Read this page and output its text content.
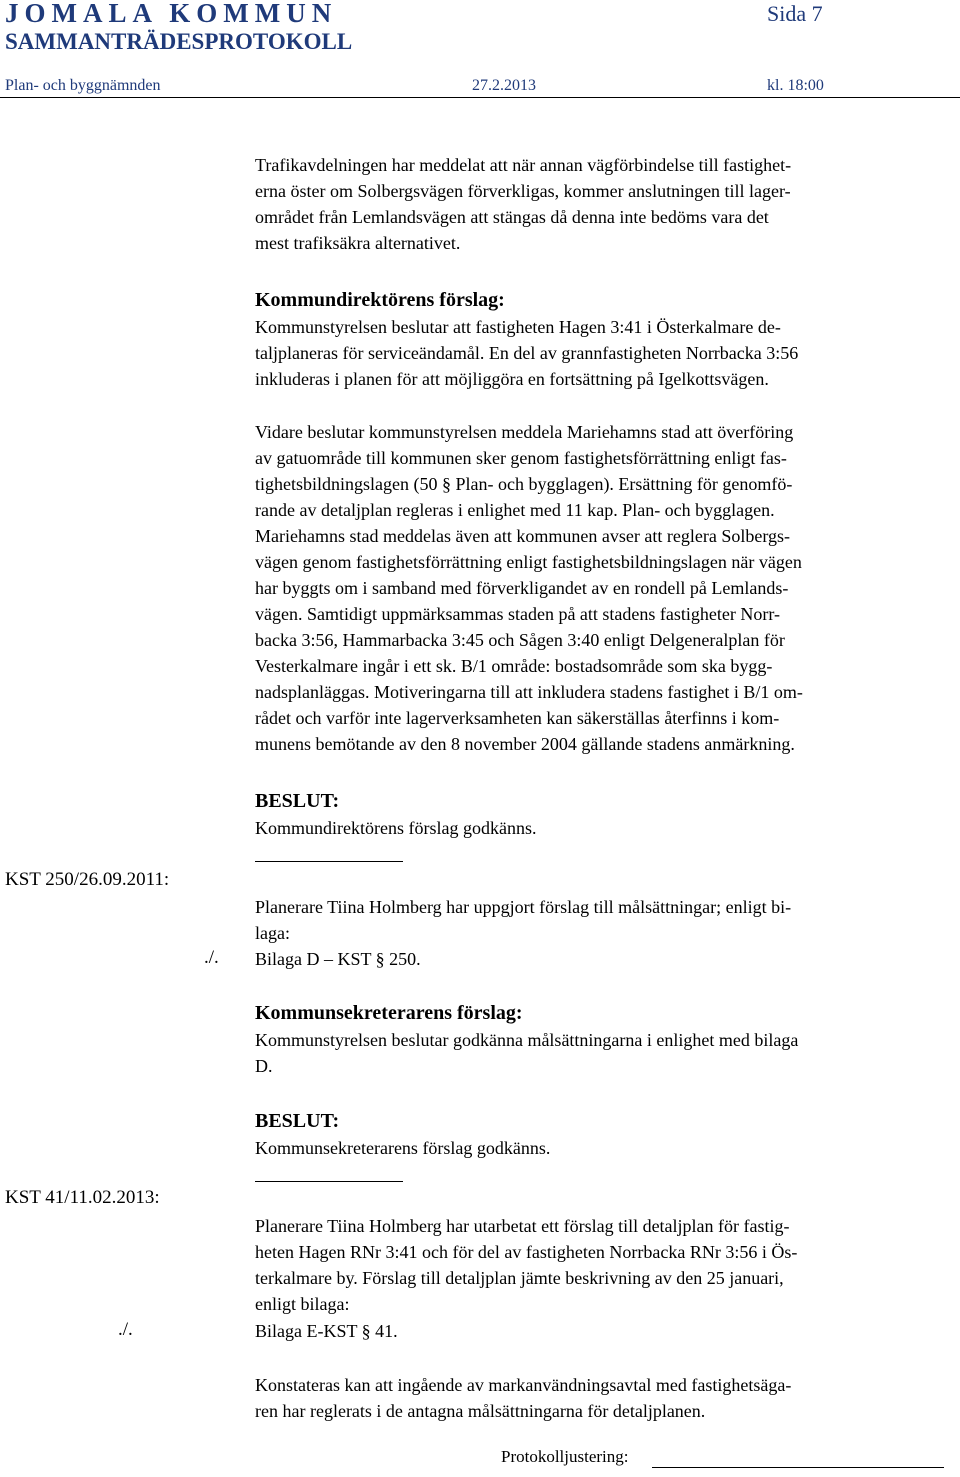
JOMALA KOMMUN	Sida 7
SAMMANTRÄDESPROTOKOLL
Plan- och byggnämnden	27.2.2013	kl. 18:00
Trafikavdelningen har meddelat att när annan vägförbindelse till fastighet-
erna öster om Solbergsvägen förverkligas, kommer anslutningen till lager-
området från Lemlandsvägen att stängas då denna inte bedöms vara det
mest trafiksäkra alternativet.
Kommundirektörens förslag:
Kommunstyrelsen beslutar att fastigheten Hagen 3:41 i Österkalmare de-
taljplaneras för serviceändamål. En del av grannfastigheten Norrbacka 3:56
inkluderas i planen för att möjliggöra en fortsättning på Igelkottsvägen.
Vidare beslutar kommunstyrelsen meddela Mariehamns stad att överföring
av gatuområde till kommunen sker genom fastighetsförrättning enligt fas-
tighetsbildningslagen (50 § Plan- och bygglagen). Ersättning för genomfö-
rande av detaljplan regleras i enlighet med 11 kap. Plan- och bygglagen.
Mariehamns stad meddelas även att kommunen avser att reglera Solbergs-
vägen genom fastighetsförrättning enligt fastighetsbildningslagen när vägen
har byggts om i samband med förverkligandet av en rondell på Lemlands-
vägen. Samtidigt uppmärksammas staden på att stadens fastigheter Norr-
backa 3:56, Hammarbacka 3:45 och Sågen 3:40 enligt Delgeneralplan för
Vesterkalmare ingår i ett sk. B/1 område: bostadsområde som ska bygg-
nadsplanläggas. Motiveringarna till att inkludera stadens fastighet i B/1 om-
rådet och varför inte lagerverksamheten kan säkerställas återfinns i kom-
munens bemötande av den 8 november 2004 gällande stadens anmärkning.
BESLUT:
Kommundirektörens förslag godkänns.
KST 250/26.09.2011:
Planerare Tiina Holmberg har uppgjort förslag till målsättningar; enligt bi-
laga:
./. Bilaga D – KST § 250.
Kommunsekreterarens förslag:
Kommunstyrelsen beslutar godkänna målsättningarna i enlighet med bilaga
D.
BESLUT:
Kommunsekreterarens förslag godkänns.
KST 41/11.02.2013:
Planerare Tiina Holmberg har utarbetat ett förslag till detaljplan för fastig-
heten Hagen RNr 3:41 och för del av fastigheten Norrbacka RNr 3:56 i Ös-
terkalmare by. Förslag till detaljplan jämte beskrivning av den 25 januari,
enligt bilaga:
./.	Bilaga E-KST § 41.
Konstateras kan att ingående av markanvändningsavtal med fastighetsäga-
ren har reglerats i de antagna målsättningarna för detaljplanen.
Protokolljustering:
